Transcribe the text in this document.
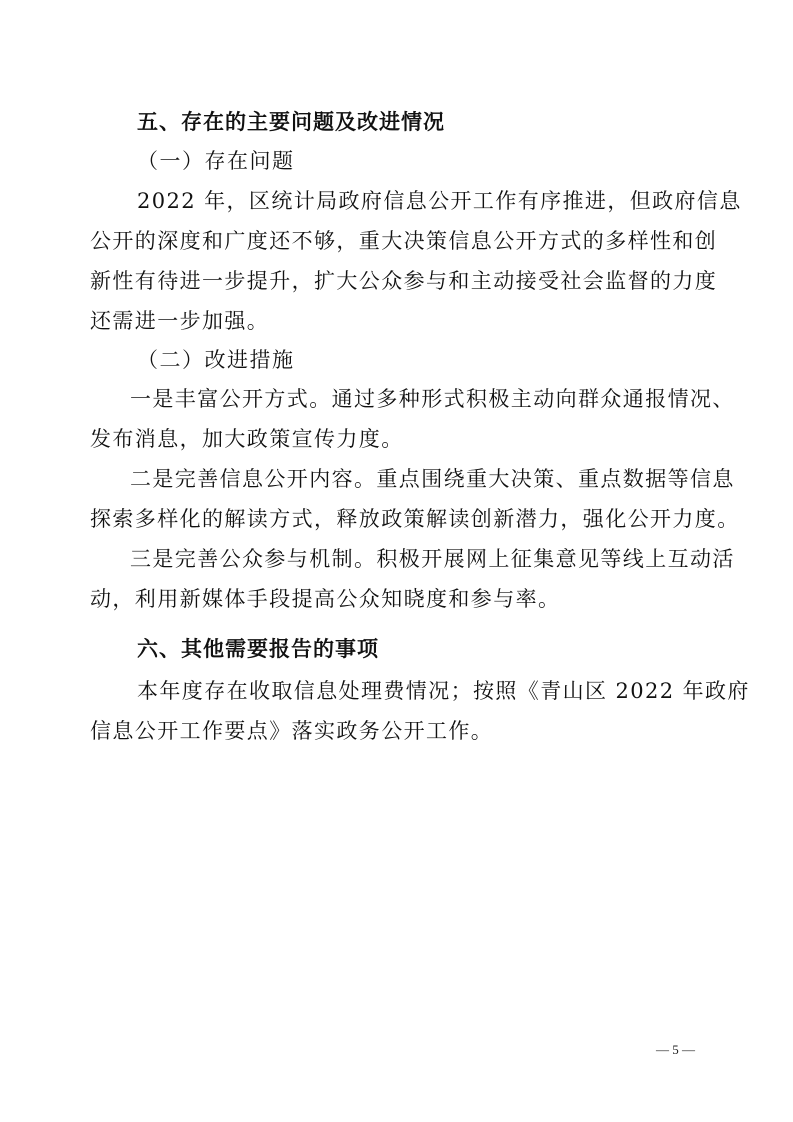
五、存在的主要问题及改进情况
（一）存在问题
2022 年，区统计局政府信息公开工作有序推进，但政府信息
公开的深度和广度还不够，重大决策信息公开方式的多样性和创
新性有待进一步提升，扩大公众参与和主动接受社会监督的力度
还需进一步加强。
（二）改进措施
一是丰富公开方式。通过多种形式积极主动向群众通报情况、
发布消息，加大政策宣传力度。
二是完善信息公开内容。重点围绕重大决策、重点数据等信息
探索多样化的解读方式，释放政策解读创新潜力，强化公开力度。
三是完善公众参与机制。积极开展网上征集意见等线上互动活
动，利用新媒体手段提高公众知晓度和参与率。
六、其他需要报告的事项
本年度存在收取信息处理费情况；按照《青山区 2022 年政府
信息公开工作要点》落实政务公开工作。
— 5 —
